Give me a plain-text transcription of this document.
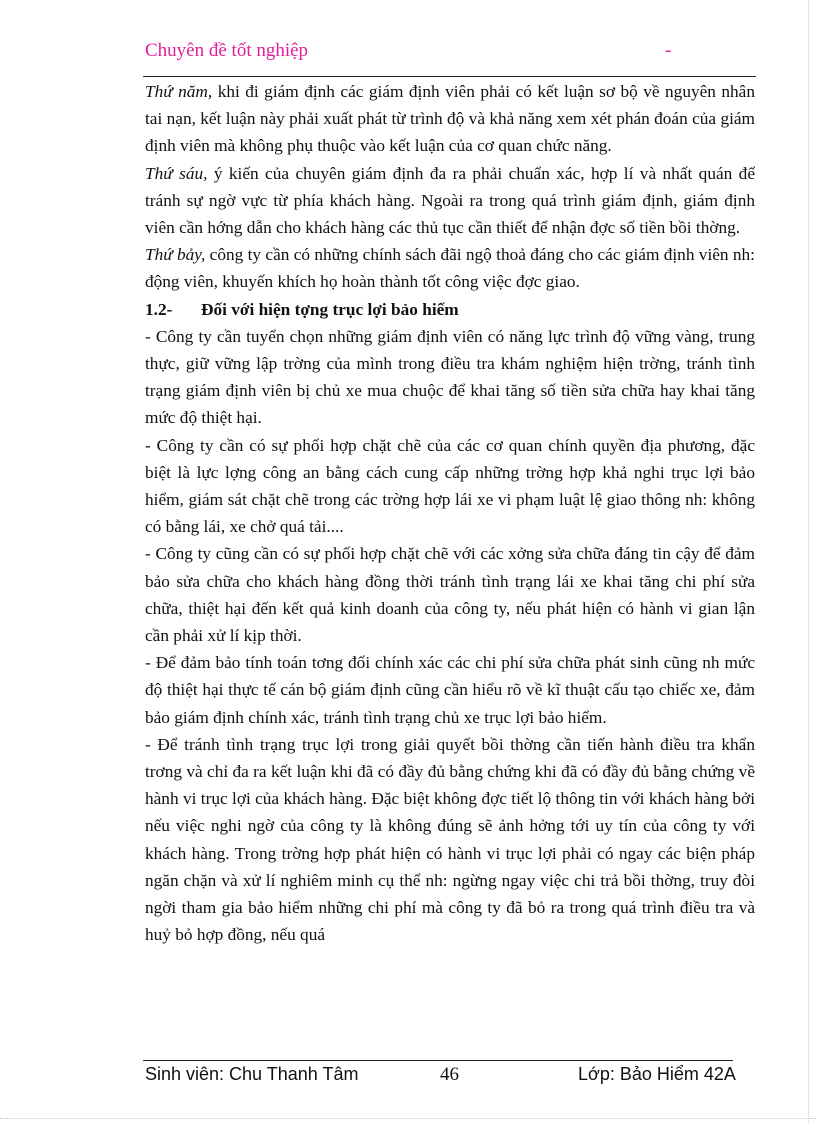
Chuyên đề tốt nghiệp	-

Thứ năm, khi đi giám định các giám định viên phải có kết luận sơ bộ về nguyên nhân tai nạn, kết luận này phải xuất phát từ trình độ và khả năng xem xét phán đoán của giám định viên mà không phụ thuộc vào kết luận của cơ quan chức năng.

Thứ sáu, ý kiến của chuyên giám định đa ra phải chuẩn xác, hợp lí và nhất quán để tránh sự ngờ vực từ phía khách hàng. Ngoài ra trong quá trình giám định, giám định viên cần hớng dẫn cho khách hàng các thủ tục cần thiết để nhận đợc số tiền bồi thờng.

Thứ bảy, công ty cần có những chính sách đãi ngộ thoả đáng cho các giám định viên nh: động viên, khuyến khích họ hoàn thành tốt công việc đợc giao.

1.2- Đối với hiện tợng trục lợi bảo hiểm

- Công ty cần tuyển chọn những giám định viên có năng lực trình độ vững vàng, trung thực, giữ vững lập trờng của mình trong điều tra khám nghiệm hiện trờng, tránh tình trạng giám định viên bị chủ xe mua chuộc để khai tăng số tiền sửa chữa hay khai tăng mức độ thiệt hại.

- Công ty cần có sự phối hợp chặt chẽ của các cơ quan chính quyền địa phương, đặc biệt là lực lợng công an bằng cách cung cấp những trờng hợp khả nghi trục lợi bảo hiểm, giám sát chặt chẽ trong các trờng hợp lái xe vi phạm luật lệ giao thông nh: không có bằng lái, xe chở quá tải....

- Công ty cũng cần có sự phối hợp chặt chẽ với các xởng sửa chữa đáng tin cậy để đảm bảo sửa chữa cho khách hàng đồng thời tránh tình trạng lái xe khai tăng chi phí sửa chữa, thiệt hại đến kết quả kinh doanh của công ty, nếu phát hiện có hành vi gian lận cần phải xử lí kịp thời.

- Để đảm bảo tính toán tơng đối chính xác các chi phí sửa chữa phát sinh cũng nh mức độ thiệt hại thực tế cán bộ giám định cũng cần hiểu rõ về kĩ thuật cấu tạo chiếc xe, đảm bảo giám định chính xác, tránh tình trạng chủ xe trục lợi bảo hiểm.

- Để tránh tình trạng trục lợi trong giải quyết bồi thờng cần tiến hành điều tra khẩn trơng và chỉ đa ra kết luận khi đã có đầy đủ bằng chứng khi đã có đầy đủ bằng chứng về hành vi trục lợi của khách hàng. Đặc biệt không đợc tiết lộ thông tin với khách hàng bởi nếu việc nghi ngờ của công ty là không đúng sẽ ảnh hởng tới uy tín của công ty với khách hàng. Trong trờng hợp phát hiện có hành vi trục lợi phải có ngay các biện pháp ngăn chặn và xử lí nghiêm minh cụ thể nh: ngừng ngay việc chi trả bồi thờng, truy đòi ngời tham gia bảo hiểm những chi phí mà công ty đã bỏ ra trong quá trình điều tra và huỷ bỏ hợp đồng, nếu quá

Sinh viên: Chu Thanh Tâm	46	Lớp: Bảo Hiểm 42A
